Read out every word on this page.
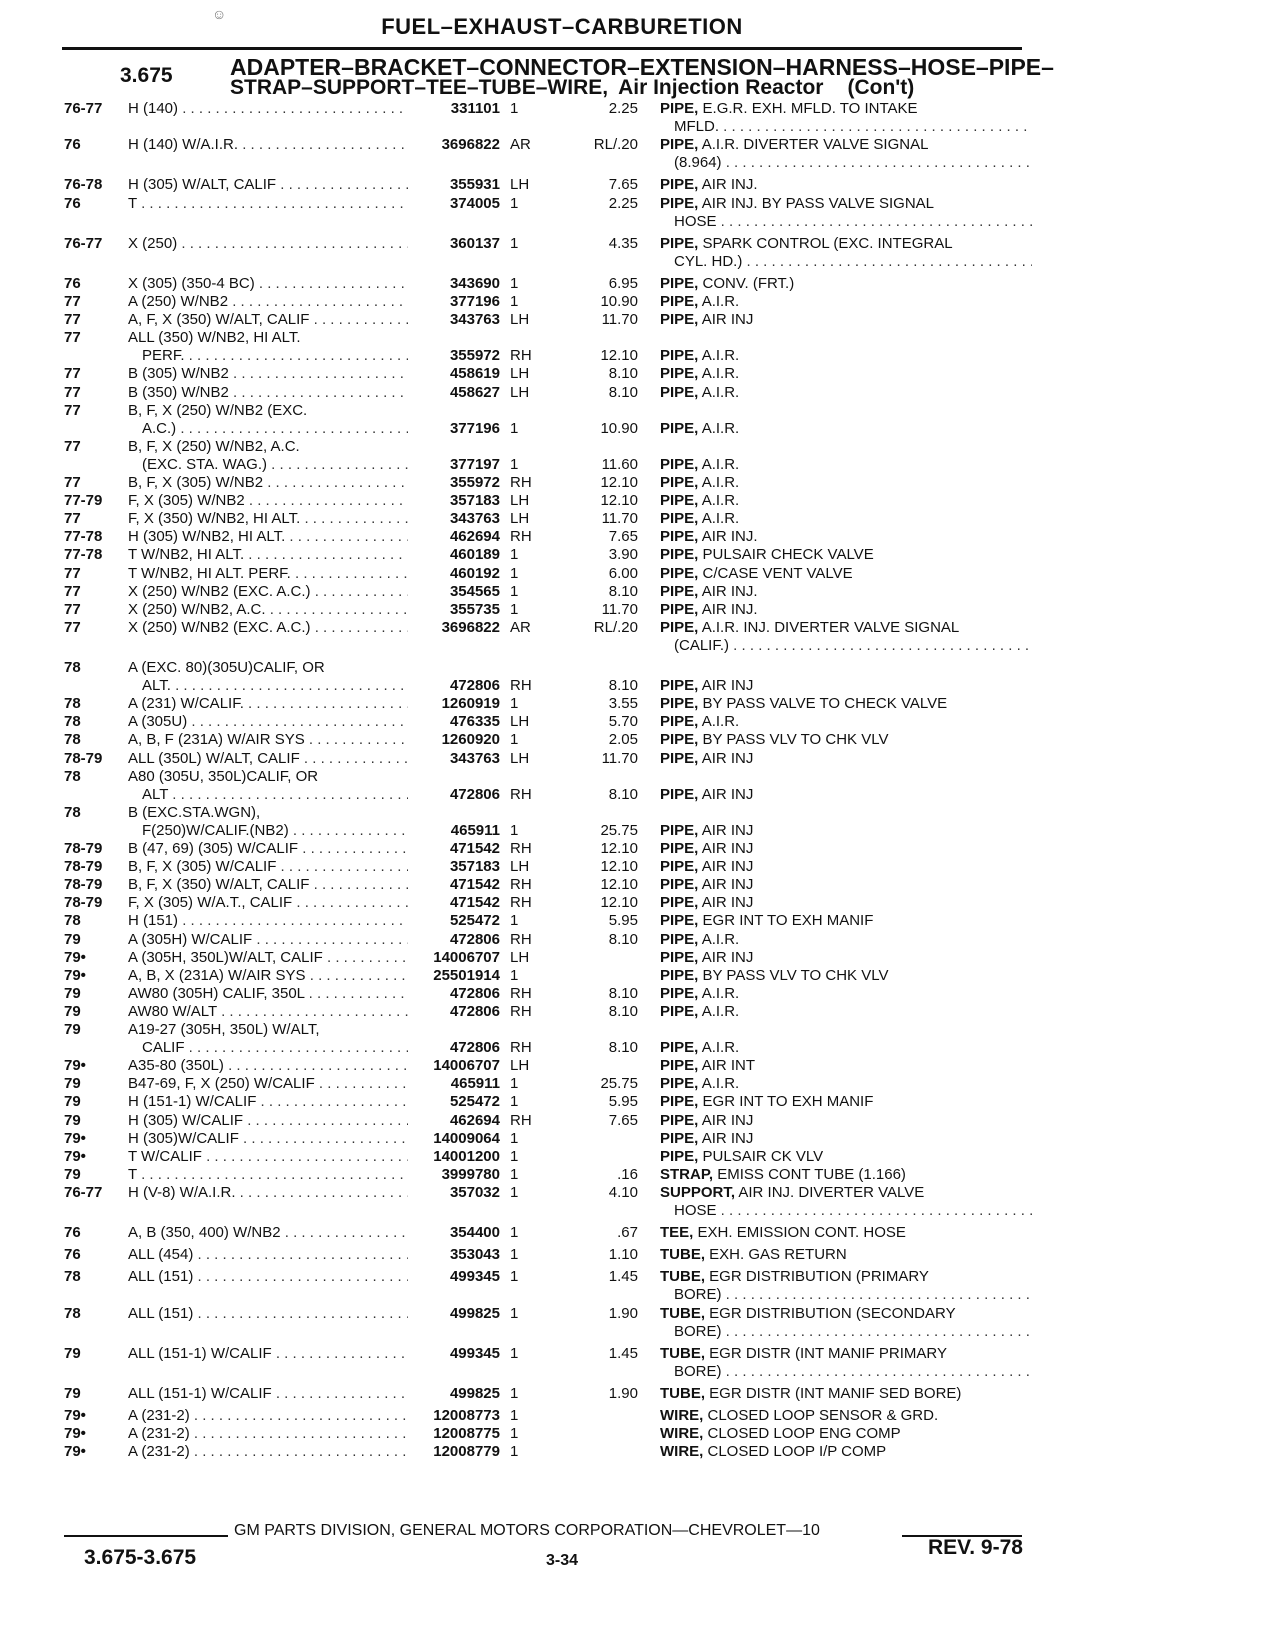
☺	FUEL–EXHAUST–CARBURETION
3.675 ADAPTER–BRACKET–CONNECTOR–EXTENSION–HARNESS–HOSE–PIPE–
STRAP–SUPPORT–TEE–TUBE–WIRE, Air Injection Reactor (Con't)
76-77	H (140) . . .	331101 1	2.25 PIPE, E.G.R. EXH. MFLD. TO INTAKE
MFLD. . . .
76	H (140) W/A.I.R. . . .	3696822 AR	RL/.20 PIPE, A.I.R. DIVERTER VALVE SIGNAL
(8.964) . . .
76-78	H (305) W/ALT, CALIF . . .	355931 LH	7.65 PIPE, AIR INJ.
76	T . . .	374005 1	2.25 PIPE, AIR INJ. BY PASS VALVE SIGNAL
HOSE . . .
76-77	X (250) . . .	360137 1	4.35 PIPE, SPARK CONTROL (EXC. INTEGRAL
CYL. HD.) . . .
76	X (305) (350-4 BC) . . .	343690 1	6.95 PIPE, CONV. (FRT.)
77	A (250) W/NB2 . . .	377196 1	10.90 PIPE, A.I.R.
77	A, F, X (350) W/ALT, CALIF . . .	343763 LH	11.70 PIPE, AIR INJ
77	ALL (350) W/NB2, HI ALT.
PERF. . . .	355972 RH	12.10 PIPE, A.I.R.
77	B (305) W/NB2 . . .	458619 LH	8.10 PIPE, A.I.R.
77	B (350) W/NB2 . . .	458627 LH	8.10 PIPE, A.I.R.
77	B, F, X (250) W/NB2 (EXC.
A.C.) . . .	377196 1	10.90 PIPE, A.I.R.
77	B, F, X (250) W/NB2, A.C.
(EXC. STA. WAG.) . . .	377197 1	11.60 PIPE, A.I.R.
77	B, F, X (305) W/NB2 . . .	355972 RH	12.10 PIPE, A.I.R.
77-79	F, X (305) W/NB2 . . .	357183 LH	12.10 PIPE, A.I.R.
77	F, X (350) W/NB2, HI ALT. . . .	343763 LH	11.70 PIPE, A.I.R.
77-78	H (305) W/NB2, HI ALT. . . .	462694 RH	7.65 PIPE, AIR INJ.
77-78	T W/NB2, HI ALT. . . .	460189 1	3.90 PIPE, PULSAIR CHECK VALVE
77	T W/NB2, HI ALT. PERF. . . .	460192 1	6.00 PIPE, C/CASE VENT VALVE
77	X (250) W/NB2 (EXC. A.C.) . . .	354565 1	8.10 PIPE, AIR INJ.
77	X (250) W/NB2, A.C. . . .	355735 1	11.70 PIPE, AIR INJ.
77	X (250) W/NB2 (EXC. A.C.) . . .	3696822 AR	RL/.20 PIPE, A.I.R. INJ. DIVERTER VALVE SIGNAL
(CALIF.) . . .
78	A (EXC. 80)(305U)CALIF, OR
ALT. . . .	472806 RH	8.10 PIPE, AIR INJ
78	A (231) W/CALIF. . . .	1260919 1	3.55 PIPE, BY PASS VALVE TO CHECK VALVE
78	A (305U) . . .	476335 LH	5.70 PIPE, A.I.R.
78	A, B, F (231A) W/AIR SYS . . .	1260920 1	2.05 PIPE, BY PASS VLV TO CHK VLV
78-79	ALL (350L) W/ALT, CALIF . . .	343763 LH	11.70 PIPE, AIR INJ
78	A80 (305U, 350L)CALIF, OR
ALT . . .	472806 RH	8.10 PIPE, AIR INJ
78	B (EXC.STA.WGN),
F(250)W/CALIF.(NB2) . . .	465911 1	25.75 PIPE, AIR INJ
78-79	B (47, 69) (305) W/CALIF . . .	471542 RH	12.10 PIPE, AIR INJ
78-79	B, F, X (305) W/CALIF . . .	357183 LH	12.10 PIPE, AIR INJ
78-79	B, F, X (350) W/ALT, CALIF . . .	471542 RH	12.10 PIPE, AIR INJ
78-79	F, X (305) W/A.T., CALIF . . .	471542 RH	12.10 PIPE, AIR INJ
78	H (151) . . .	525472 1	5.95 PIPE, EGR INT TO EXH MANIF
79	A (305H) W/CALIF . . .	472806 RH	8.10 PIPE, A.I.R.
79•	A (305H, 350L)W/ALT, CALIF . . .	14006707 LH	PIPE, AIR INJ
79•	A, B, X (231A) W/AIR SYS . . .	25501914 1	PIPE, BY PASS VLV TO CHK VLV
79	AW80 (305H) CALIF, 350L . . .	472806 RH	8.10 PIPE, A.I.R.
79	AW80 W/ALT . . .	472806 RH	8.10 PIPE, A.I.R.
79	A19-27 (305H, 350L) W/ALT,
CALIF . . .	472806 RH	8.10 PIPE, A.I.R.
79•	A35-80 (350L) . . .	14006707 LH	PIPE, AIR INT
79	B47-69, F, X (250) W/CALIF . . .	465911 1	25.75 PIPE, A.I.R.
79	H (151-1) W/CALIF . . .	525472 1	5.95 PIPE, EGR INT TO EXH MANIF
79	H (305) W/CALIF . . .	462694 RH	7.65 PIPE, AIR INJ
79•	H (305)W/CALIF . . .	14009064 1	PIPE, AIR INJ
79•	T W/CALIF . . .	14001200 1	PIPE, PULSAIR CK VLV
79	T . . .	3999780 1	.16 STRAP, EMISS CONT TUBE (1.166)
76-77	H (V-8) W/A.I.R. . . .	357032 1	4.10 SUPPORT, AIR INJ. DIVERTER VALVE
HOSE . . .
76	A, B (350, 400) W/NB2 . . .	354400 1	.67 TEE, EXH. EMISSION CONT. HOSE
76	ALL (454) . . .	353043 1	1.10 TUBE, EXH. GAS RETURN
78	ALL (151) . . .	499345 1	1.45 TUBE, EGR DISTRIBUTION (PRIMARY
BORE) . . .
78	ALL (151) . . .	499825 1	1.90 TUBE, EGR DISTRIBUTION (SECONDARY
BORE) . . .
79	ALL (151-1) W/CALIF . . .	499345 1	1.45 TUBE, EGR DISTR (INT MANIF PRIMARY
BORE) . . .
79	ALL (151-1) W/CALIF . . .	499825 1	1.90 TUBE, EGR DISTR (INT MANIF SED BORE)
79•	A (231-2) . . .	12008773 1	WIRE, CLOSED LOOP SENSOR & GRD.
79•	A (231-2) . . .	12008775 1	WIRE, CLOSED LOOP ENG COMP
79•	A (231-2) . . .	12008779 1	WIRE, CLOSED LOOP I/P COMP
GM PARTS DIVISION, GENERAL MOTORS CORPORATION—CHEVROLET—10
3.675-3.675	3-34
REV. 9-78
